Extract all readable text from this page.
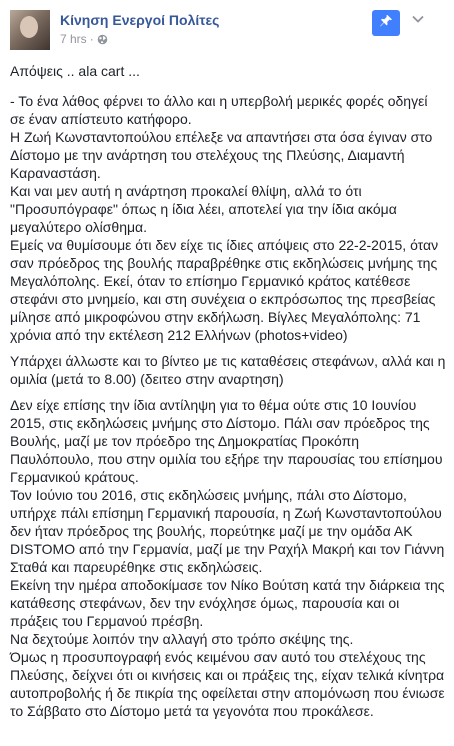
Κίνηση Ενεργοί Πολίτες
7 hrs ·

Απόψεις .. ala cart ...

- Το ένα λάθος φέρνει το άλλο και η υπερβολή μερικές φορές οδηγεί σε έναν απίστευτο κατήφορο.

Η Ζωή Κωνσταντοπούλου επέλεξε να απαντήσει στα όσα έγιναν στο Δίστομο με την ανάρτηση του στελέχους της Πλεύσης, Διαμαντή Καραναστάση.

Και ναι μεν αυτή η ανάρτηση προκαλεί θλίψη, αλλά το ότι "Προσυπόγραφε" όπως η ίδια λέει, αποτελεί για την ίδια ακόμα μεγαλύτερο ολίσθημα.

Εμείς να θυμίσουμε ότι δεν είχε τις ίδιες απόψεις στο 22-2-2015, όταν σαν πρόεδρος της βουλής παραβρέθηκε στις εκδηλώσεις μνήμης της Μεγαλόπολης. Εκεί, όταν το επίσημο Γερμανικό κράτος κατέθεσε στεφάνι στο μνημείο, και στη συνέχεια ο εκπρόσωπος της πρεσβείας μίλησε από μικροφώνου στην εκδήλωση. Βίγλες Μεγαλόπολης: 71 χρόνια από την εκτέλεση 212 Ελλήνων (photos+video)

Υπάρχει άλλωστε και το βίντεο με τις καταθέσεις στεφάνων, αλλά και η ομιλία (μετά το 8.00) (δειτεο στην αναρτηση)

Δεν είχε επίσης την ίδια αντίληψη για το θέμα ούτε στις 10 Ιουνίου 2015, στις εκδηλώσεις μνήμης στο Δίστομο. Πάλι σαν πρόεδρος της Βουλής, μαζί με τον πρόεδρο της Δημοκρατίας Προκόπη Παυλόπουλο, που στην ομιλία του εξήρε την παρουσίας του επίσημου Γερμανικού κράτους.

Τον Ιούνιο του 2016, στις εκδηλώσεις μνήμης, πάλι στο Δίστομο, υπήρχε πάλι επίσημη Γερμανική παρουσία, η Ζωή Κωνσταντοπούλου δεν ήταν πρόεδρος της βουλής, πορεύτηκε μαζί με την ομάδα ΑΚ DISTOMO από την Γερμανία, μαζί με την Ραχήλ Μακρή και τον Γιάννη Σταθά και παρευρέθηκε στις εκδηλώσεις.

Εκείνη την ημέρα αποδοκίμασε τον Νίκο Βούτση κατά την διάρκεια της κατάθεσης στεφάνων, δεν την ενόχλησε όμως, παρουσία και οι πράξεις του Γερμανού πρέσβη.

Να δεχτούμε λοιπόν την αλλαγή στο τρόπο σκέψης της.

Όμως η προσυπογραφή ενός κειμένου σαν αυτό του στελέχους της Πλεύσης, δείχνει ότι οι κινήσεις και οι πράξεις της, είχαν τελικά κίνητρα αυτοπροβολής ή δε πικρία της οφείλεται στην απομόνωση που ένιωσε το Σάββατο στο Δίστομο μετά τα γεγονότα που προκάλεσε.
